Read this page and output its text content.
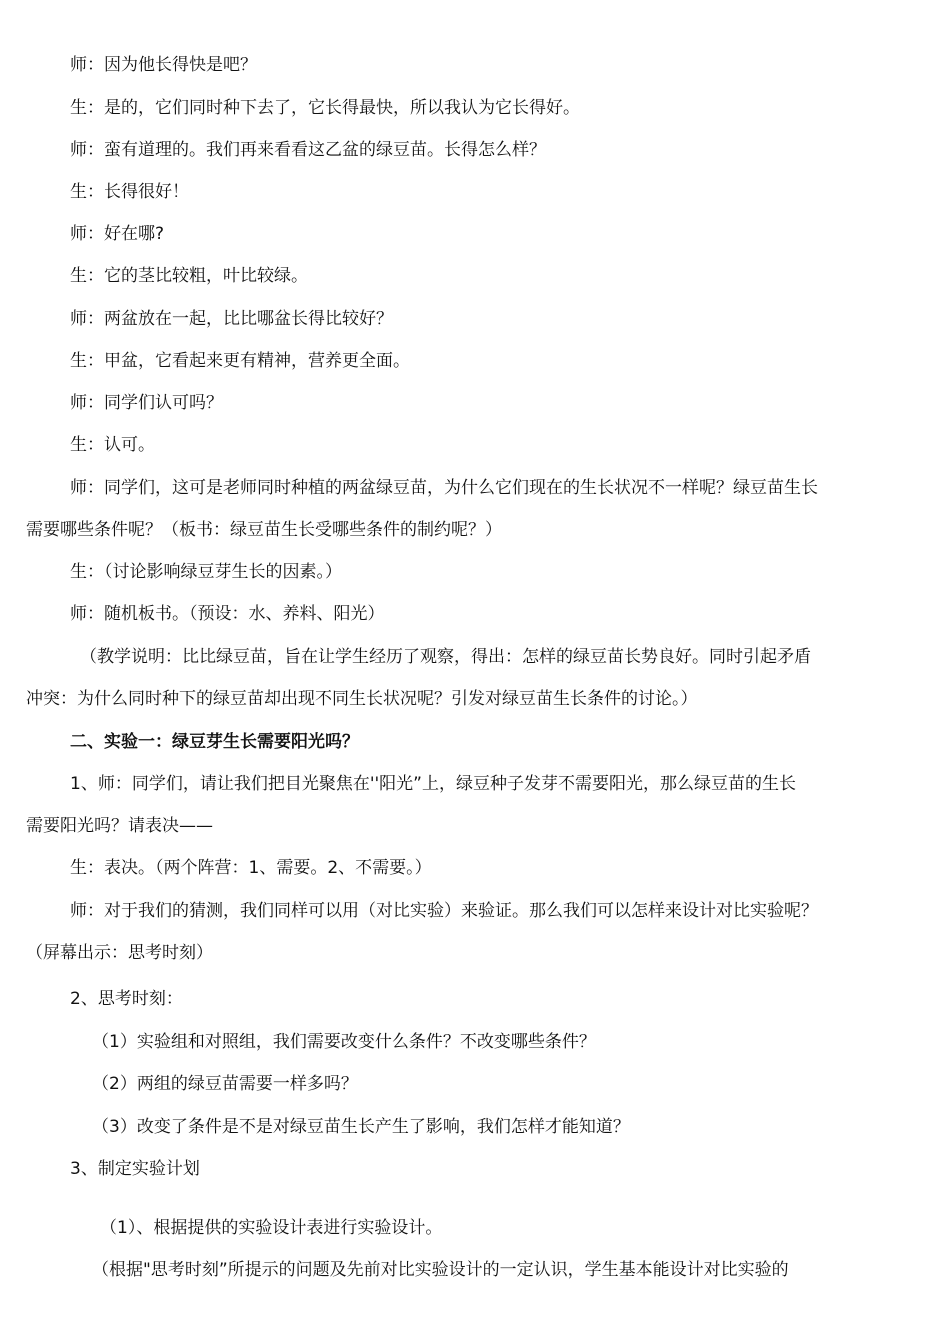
师：因为他长得快是吧？
生：是的，它们同时种下去了，它长得最快，所以我认为它长得好。
师：蛮有道理的。我们再来看看这乙盆的绿豆苗。长得怎么样？
生：长得很好！
师：好在哪?
生：它的茎比较粗，叶比较绿。
师：两盆放在一起，比比哪盆长得比较好？
生：甲盆，它看起来更有精神，营养更全面。
师：同学们认可吗？
生：认可。
师：同学们，这可是老师同时种植的两盆绿豆苗，为什么它们现在的生长状况不一样呢？绿豆苗生长
需要哪些条件呢？（板书：绿豆苗生长受哪些条件的制约呢？）
生：（讨论影响绿豆芽生长的因素。）
师：随机板书。（预设：水、养料、阳光）
（教学说明：比比绿豆苗，旨在让学生经历了观察，得出：怎样的绿豆苗长势良好。同时引起矛盾
冲突：为什么同时种下的绿豆苗却出现不同生长状况呢？引发对绿豆苗生长条件的讨论。）
二、实验一：绿豆芽生长需要阳光吗？
1、师：同学们，请让我们把目光聚焦在''阳光”上，绿豆种子发芽不需要阳光，那么绿豆苗的生长
需要阳光吗？请表决——
生：表决。（两个阵营：1、需要。2、不需要。）
师：对于我们的猜测，我们同样可以用（对比实验）来验证。那么我们可以怎样来设计对比实验呢？
（屏幕出示：思考时刻）
2、思考时刻：
（1）实验组和对照组，我们需要改变什么条件？不改变哪些条件？
（2）两组的绿豆苗需要一样多吗？
（3）改变了条件是不是对绿豆苗生长产生了影响，我们怎样才能知道？
3、制定实验计划
（1）、根据提供的实验设计表进行实验设计。
（根据"思考时刻”所提示的问题及先前对比实验设计的一定认识，学生基本能设计对比实验的
